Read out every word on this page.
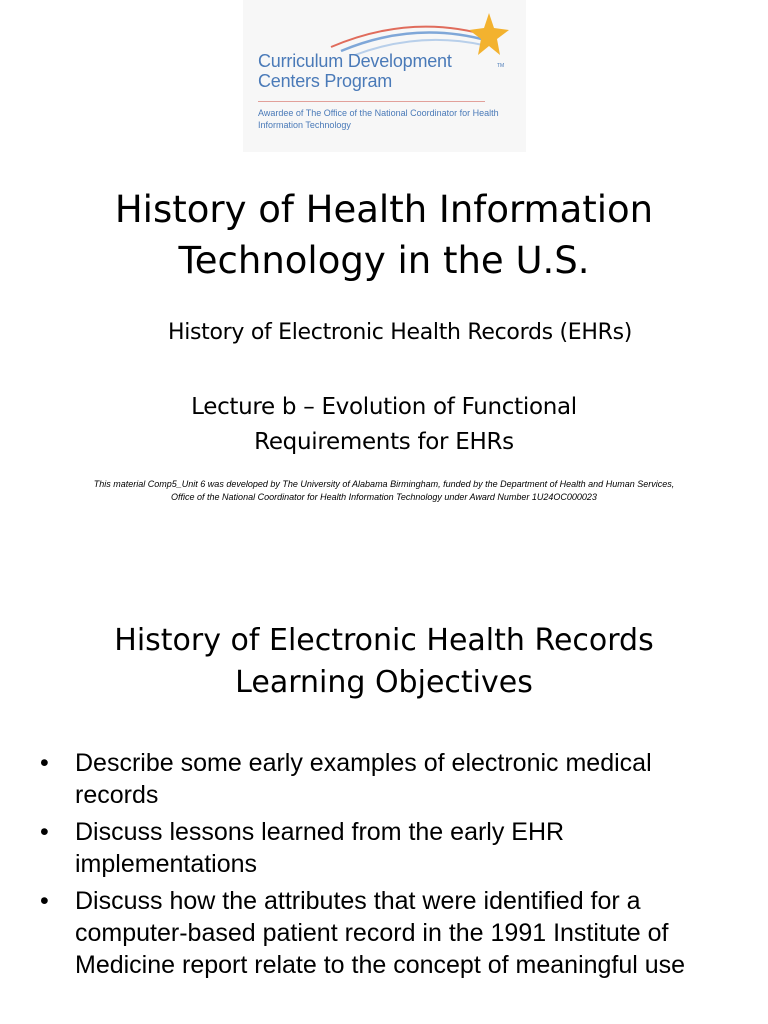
Curriculum Development
Centers Program
TM
Awardee of The Office of the National Coordinator for Health Information Technology
History of Health Information
Technology in the U.S.
History of Electronic Health Records (EHRs)
Lecture b – Evolution of Functional
Requirements for EHRs
This material Comp5_Unit 6 was developed by The University of Alabama Birmingham, funded by the Department of Health and Human Services, Office of the National Coordinator for Health Information Technology under Award Number 1U24OC000023
History of Electronic Health Records
Learning Objectives
• Describe some early examples of electronic medical records
• Discuss lessons learned from the early EHR implementations
• Discuss how the attributes that were identified for a computer-based patient record in the 1991 Institute of Medicine report relate to the concept of meaningful use
